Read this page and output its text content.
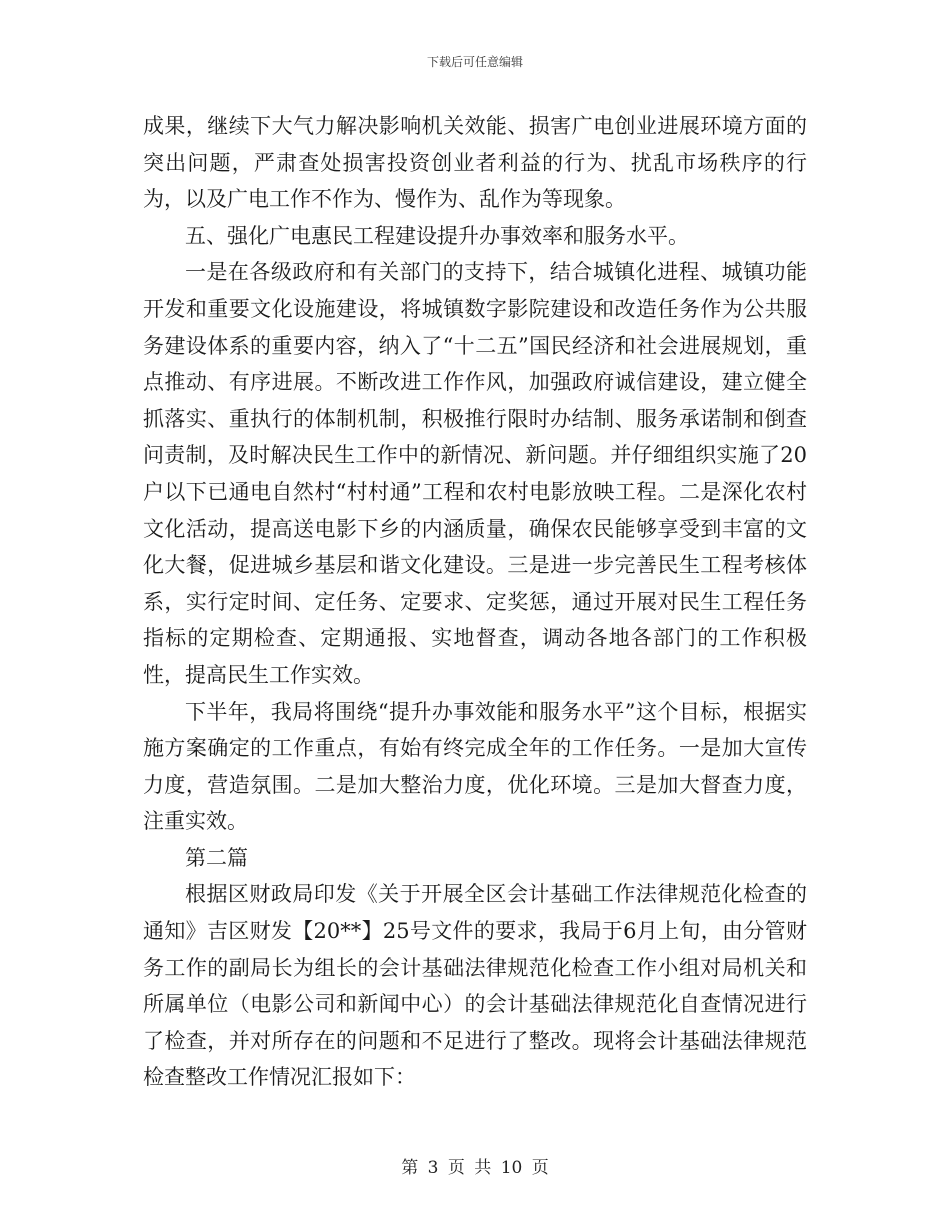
下载后可任意编辑

成果，继续下大气力解决影响机关效能、损害广电创业进展环境方面的突出问题，严肃查处损害投资创业者利益的行为、扰乱市场秩序的行为，以及广电工作不作为、慢作为、乱作为等现象。

五、强化广电惠民工程建设提升办事效率和服务水平。

一是在各级政府和有关部门的支持下，结合城镇化进程、城镇功能开发和重要文化设施建设，将城镇数字影院建设和改造任务作为公共服务建设体系的重要内容，纳入了“十二五”国民经济和社会进展规划，重点推动、有序进展。不断改进工作作风，加强政府诚信建设，建立健全抓落实、重执行的体制机制，积极推行限时办结制、服务承诺制和倒查问责制，及时解决民生工作中的新情况、新问题。并仔细组织实施了20户以下已通电自然村“村村通”工程和农村电影放映工程。二是深化农村文化活动，提高送电影下乡的内涵质量，确保农民能够享受到丰富的文化大餐，促进城乡基层和谐文化建设。三是进一步完善民生工程考核体系，实行定时间、定任务、定要求、定奖惩，通过开展对民生工程任务指标的定期检查、定期通报、实地督查，调动各地各部门的工作积极性，提高民生工作实效。

下半年，我局将围绕“提升办事效能和服务水平”这个目标，根据实施方案确定的工作重点，有始有终完成全年的工作任务。一是加大宣传力度，营造氛围。二是加大整治力度，优化环境。三是加大督查力度，注重实效。

第二篇

根据区财政局印发《关于开展全区会计基础工作法律规范化检查的通知》吉区财发【20**】25号文件的要求，我局于6月上旬，由分管财务工作的副局长为组长的会计基础法律规范化检查工作小组对局机关和所属单位（电影公司和新闻中心）的会计基础法律规范化自查情况进行了检查，并对所存在的问题和不足进行了整改。现将会计基础法律规范检查整改工作情况汇报如下：

第 3 页 共 10 页
